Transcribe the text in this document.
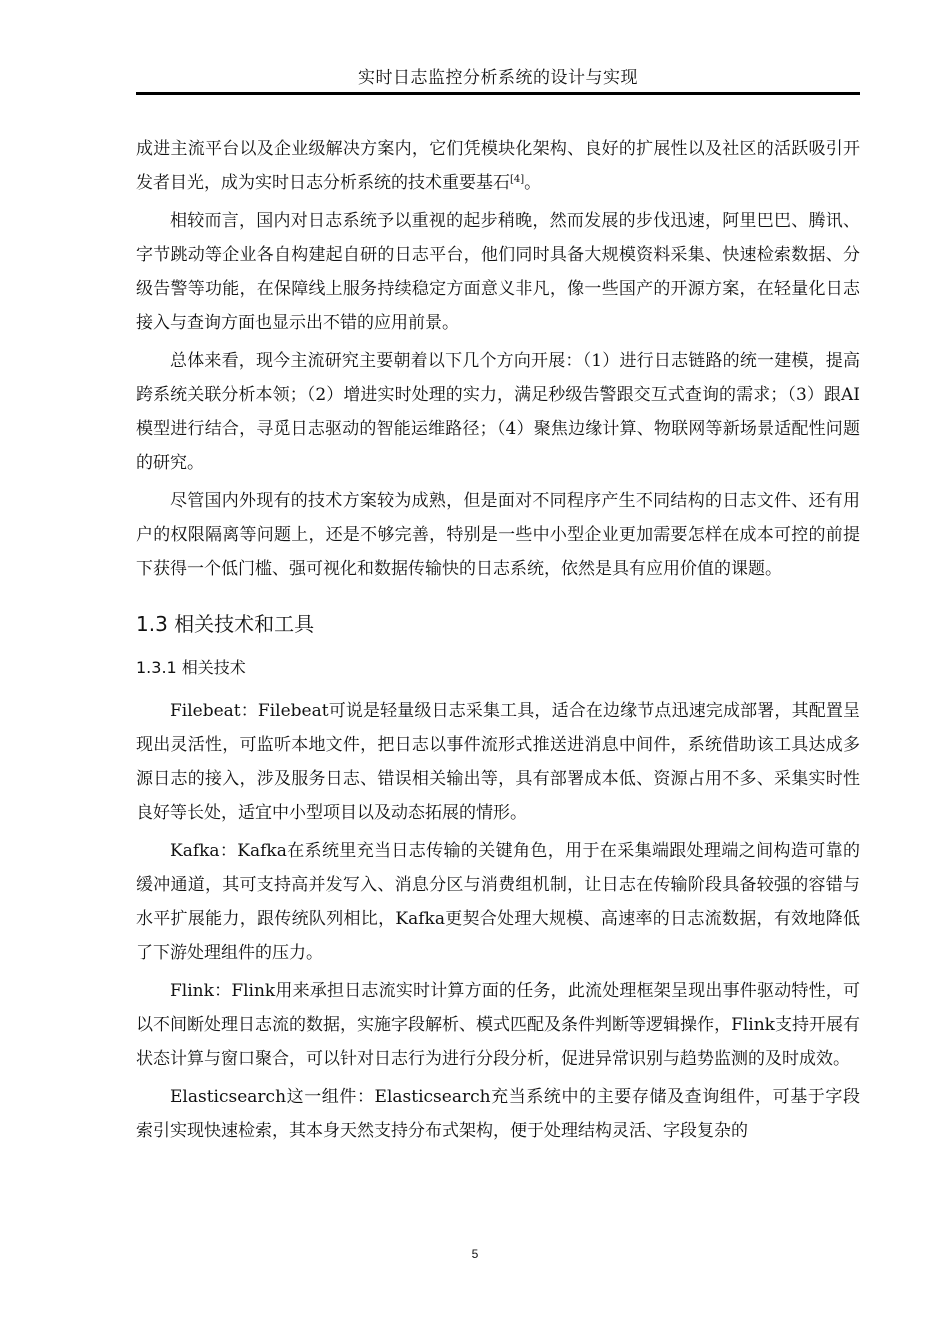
实时日志监控分析系统的设计与实现

成进主流平台以及企业级解决方案内，它们凭模块化架构、良好的扩展性以及社区的活跃吸引开发者目光，成为实时日志分析系统的技术重要基石[4]。

相较而言，国内对日志系统予以重视的起步稍晚，然而发展的步伐迅速，阿里巴巴、腾讯、字节跳动等企业各自构建起自研的日志平台，他们同时具备大规模资料采集、快速检索数据、分级告警等功能，在保障线上服务持续稳定方面意义非凡，像一些国产的开源方案，在轻量化日志接入与查询方面也显示出不错的应用前景。

总体来看，现今主流研究主要朝着以下几个方向开展：（1）进行日志链路的统一建模，提高跨系统关联分析本领；（2）增进实时处理的实力，满足秒级告警跟交互式查询的需求；（3）跟AI模型进行结合，寻觅日志驱动的智能运维路径；（4）聚焦边缘计算、物联网等新场景适配性问题的研究。

尽管国内外现有的技术方案较为成熟，但是面对不同程序产生不同结构的日志文件、还有用户的权限隔离等问题上，还是不够完善，特别是一些中小型企业更加需要怎样在成本可控的前提下获得一个低门槛、强可视化和数据传输快的日志系统，依然是具有应用价值的课题。

1.3 相关技术和工具
1.3.1 相关技术

Filebeat：Filebeat可说是轻量级日志采集工具，适合在边缘节点迅速完成部署，其配置呈现出灵活性，可监听本地文件，把日志以事件流形式推送进消息中间件，系统借助该工具达成多源日志的接入，涉及服务日志、错误相关输出等，具有部署成本低、资源占用不多、采集实时性良好等长处，适宜中小型项目以及动态拓展的情形。

Kafka：Kafka在系统里充当日志传输的关键角色，用于在采集端跟处理端之间构造可靠的缓冲通道，其可支持高并发写入、消息分区与消费组机制，让日志在传输阶段具备较强的容错与水平扩展能力，跟传统队列相比，Kafka更契合处理大规模、高速率的日志流数据，有效地降低了下游处理组件的压力。

Flink：Flink用来承担日志流实时计算方面的任务，此流处理框架呈现出事件驱动特性，可以不间断处理日志流的数据，实施字段解析、模式匹配及条件判断等逻辑操作，Flink支持开展有状态计算与窗口聚合，可以针对日志行为进行分段分析，促进异常识别与趋势监测的及时成效。

Elasticsearch这一组件：Elasticsearch充当系统中的主要存储及查询组件，可基于字段索引实现快速检索，其本身天然支持分布式架构，便于处理结构灵活、字段复杂的

5
